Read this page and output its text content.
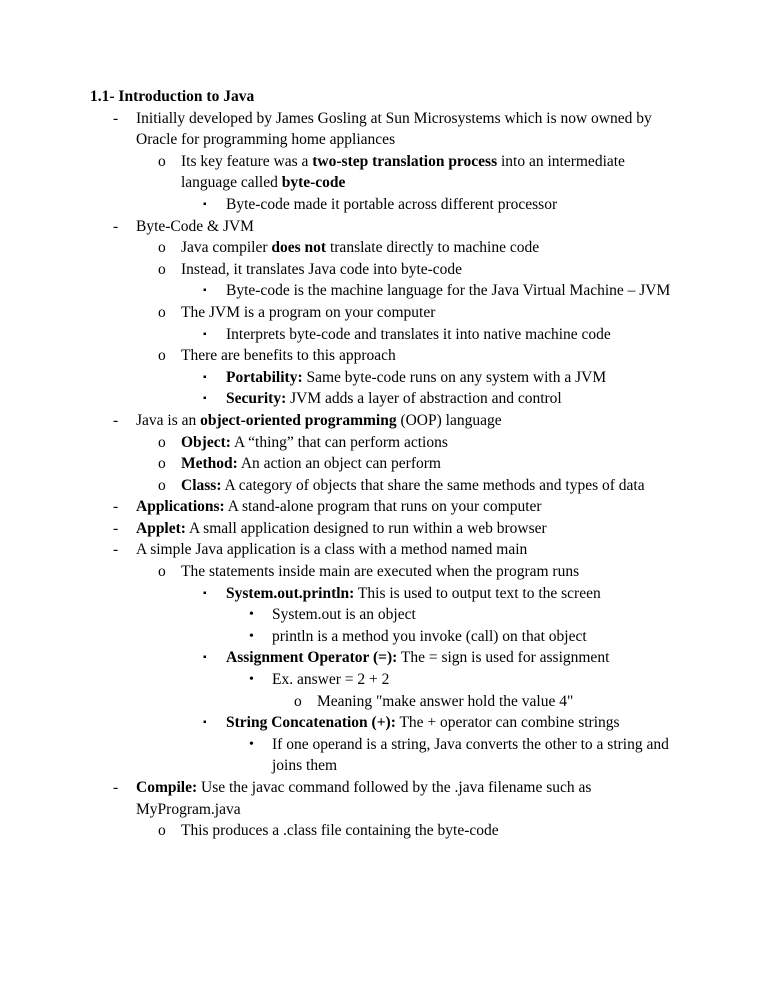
1.1- Introduction to Java

-	Initially developed by James Gosling at Sun Microsystems which is now owned by Oracle for programming home appliances
o Its key feature was a two-step translation process into an intermediate language called byte-code
▪	Byte-code made it portable across different processor
-	Byte-Code & JVM
o Java compiler does not translate directly to machine code
o Instead, it translates Java code into byte-code
▪	Byte-code is the machine language for the Java Virtual Machine – JVM
o The JVM is a program on your computer
▪	Interprets byte-code and translates it into native machine code
o There are benefits to this approach
▪	Portability: Same byte-code runs on any system with a JVM
▪	Security: JVM adds a layer of abstraction and control
-	Java is an object-oriented programming (OOP) language
o Object: A “thing” that can perform actions
o Method: An action an object can perform
o Class: A category of objects that share the same methods and types of data
-	Applications: A stand-alone program that runs on your computer
-	Applet: A small application designed to run within a web browser
-	A simple Java application is a class with a method named main
o The statements inside main are executed when the program runs
▪	System.out.println: This is used to output text to the screen
•	System.out is an object
•	println is a method you invoke (call) on that object
▪	Assignment Operator (=): The = sign is used for assignment
•	Ex. answer = 2 + 2
o Meaning "make answer hold the value 4"
▪	String Concatenation (+): The + operator can combine strings
•	If one operand is a string, Java converts the other to a string and joins them
-	Compile: Use the javac command followed by the .java filename such as MyProgram.java
o This produces a .class file containing the byte-code
